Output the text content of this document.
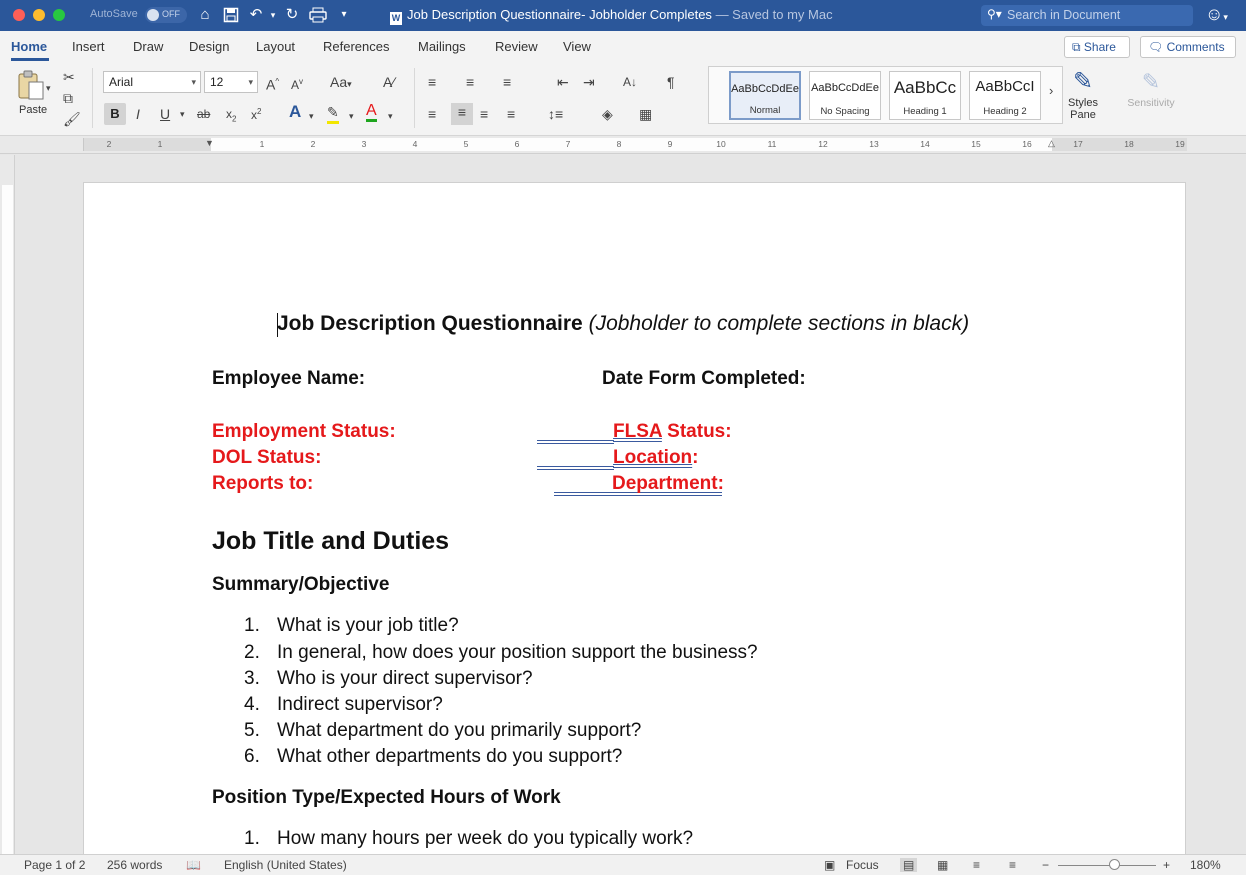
AutoSave	OFF	⌂	↶ ▾ ↻	▾	W Job Description Questionnaire- Jobholder Completes — Saved to my Mac	⚲▾
Search in Document	☺▾
Home Insert Draw Design Layout References Mailings Review View	⧉ Share	🗨 Comments
▾
Paste
✂
⧉
🖌
Arial	▾	12	▾ A^ $A^v$ Aa▾ A∕
B	I U ▾ ab $x_2$ $x^2$ A ▾ ✎ ▾ A ▾
≡ ≡ ≡	⇤ ⇥ A↓ ¶
≡	≡ ≡ ≡ ↕≡	◈ ▦
AaBbCcDdEe
Normal
AaBbCcDdEe
No Spacing
AaBbCc
Heading 1
AaBbCcI
Heading 2
› ✎
Styles Pane
✎
Sensitivity
2	1	1	2	3	4	5	6	7	8	9	10	11	12	13	14	15	16	17	18	19
▼	△
Job Description Questionnaire (Jobholder to complete sections in black)
Employee Name:	Date Form Completed:
Employment Status:	FLSA Status:
DOL Status:	Location:
Reports to:	Department:
Job Title and Duties
Summary/Objective
1. What is your job title?
2. In general, how does your position support the business?
3. Who is your direct supervisor?
4. Indirect supervisor?
5. What department do you primarily support?
6. What other departments do you support?
Position Type/Expected Hours of Work
1. How many hours per week do you typically work?
Page 1 of 2 256 words 📖 English (United States)	▣ Focus ▤ ▦ ≡ ≡ −	+ 180%
